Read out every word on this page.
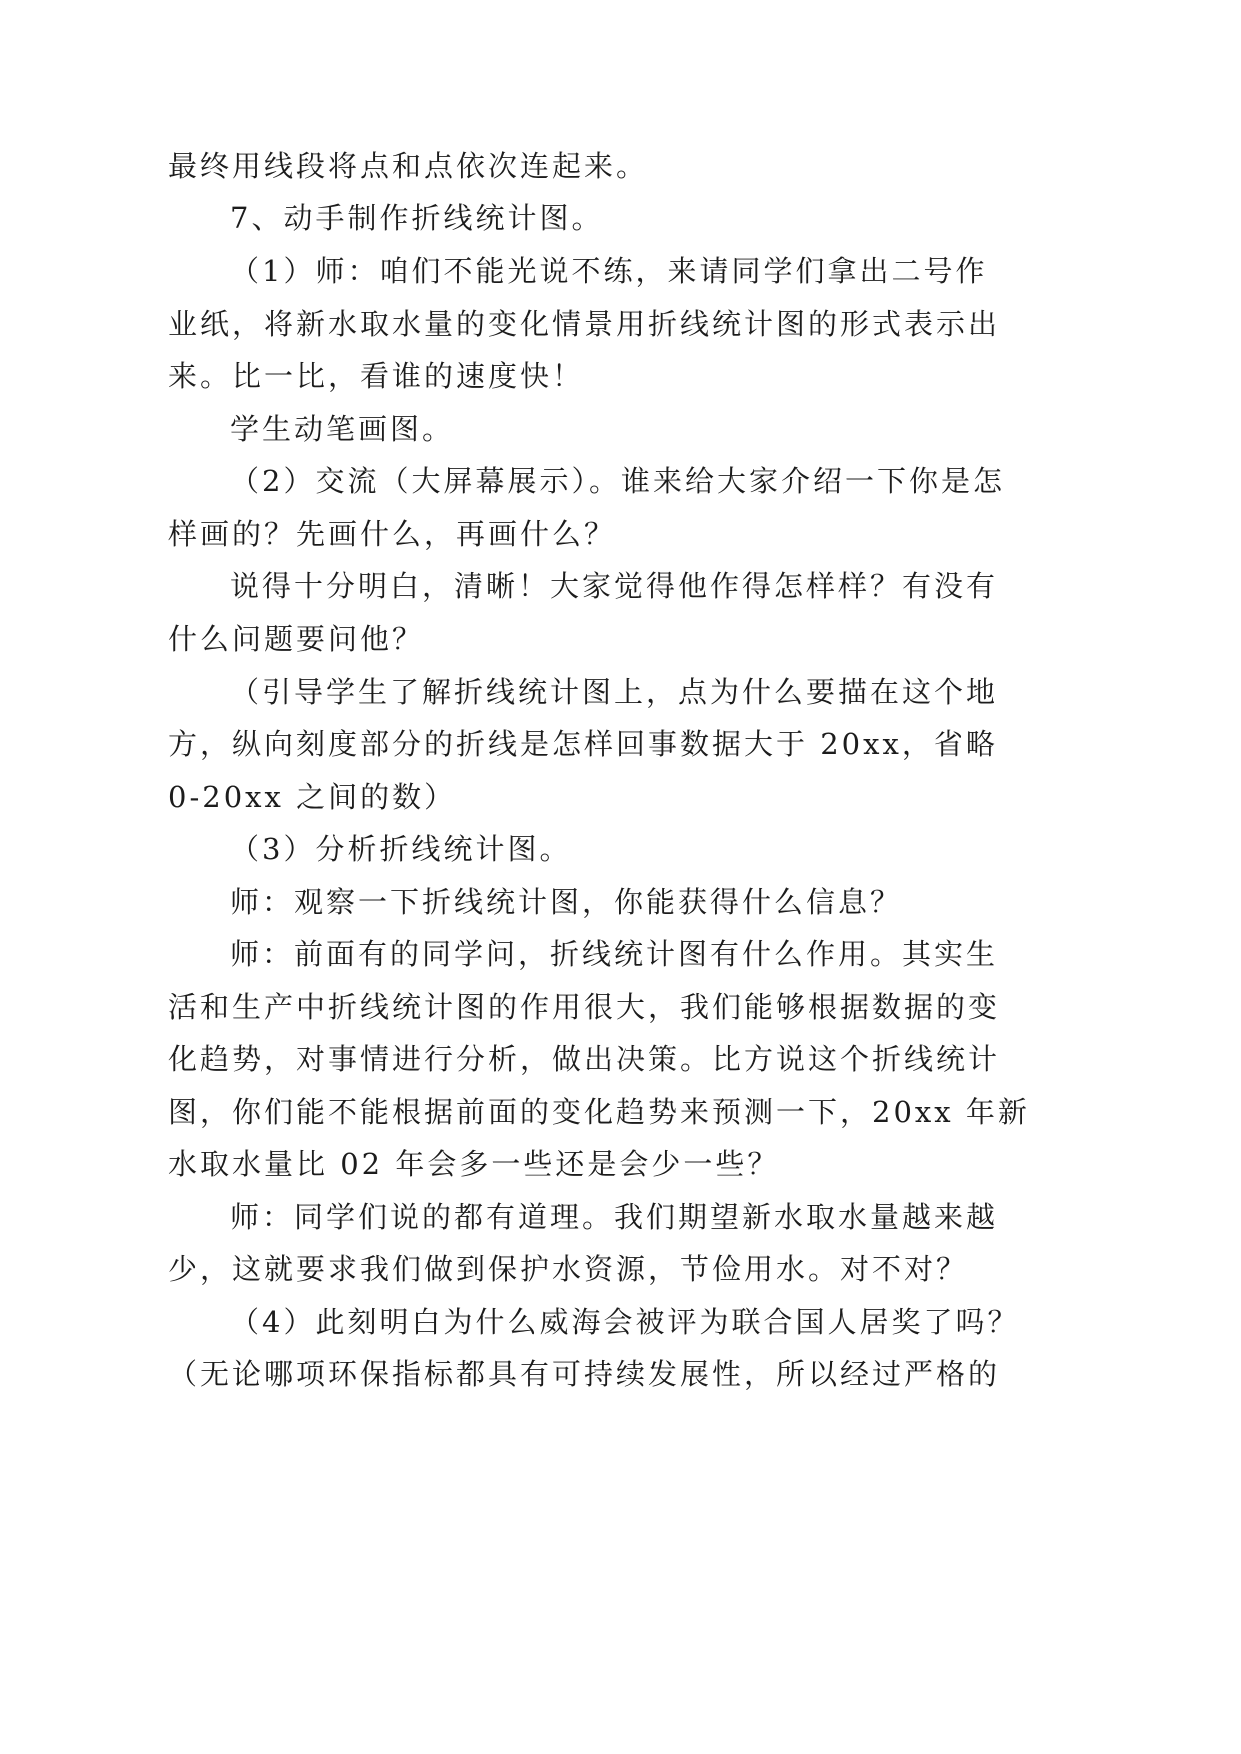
最终用线段将点和点依次连起来。
7、动手制作折线统计图。
（1）师：咱们不能光说不练，来请同学们拿出二号作
业纸，将新水取水量的变化情景用折线统计图的形式表示出
来。比一比，看谁的速度快！
学生动笔画图。
（2）交流（大屏幕展示）。谁来给大家介绍一下你是怎
样画的？先画什么，再画什么？
说得十分明白，清晰！大家觉得他作得怎样样？有没有
什么问题要问他？
（引导学生了解折线统计图上，点为什么要描在这个地
方，纵向刻度部分的折线是怎样回事数据大于 20xx，省略
0-20xx 之间的数）
（3）分析折线统计图。
师：观察一下折线统计图，你能获得什么信息？
师：前面有的同学问，折线统计图有什么作用。其实生
活和生产中折线统计图的作用很大，我们能够根据数据的变
化趋势，对事情进行分析，做出决策。比方说这个折线统计
图，你们能不能根据前面的变化趋势来预测一下，20xx 年新
水取水量比 02 年会多一些还是会少一些？
师：同学们说的都有道理。我们期望新水取水量越来越
少，这就要求我们做到保护水资源，节俭用水。对不对？
（4）此刻明白为什么威海会被评为联合国人居奖了吗？
（无论哪项环保指标都具有可持续发展性，所以经过严格的
